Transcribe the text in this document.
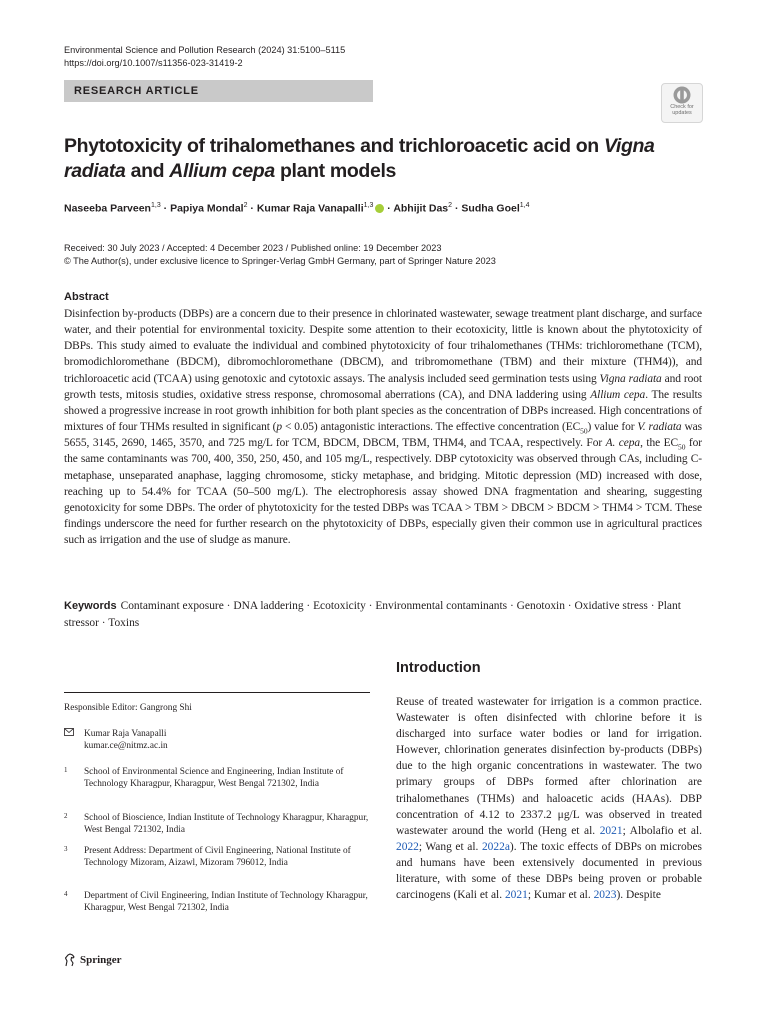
Environmental Science and Pollution Research (2024) 31:5100–5115
https://doi.org/10.1007/s11356-023-31419-2
RESEARCH ARTICLE
Check for
updates
Phytotoxicity of trihalomethanes and trichloroacetic acid on Vigna radiata and Allium cepa plant models
Naseeba Parveen$^{1,3}$ · Papiya Mondal$^2$ · Kumar Raja Vanapalli$^{1,3}$ · Abhijit Das$^2$ · Sudha Goel$^{1,4}$
Received: 30 July 2023 / Accepted: 4 December 2023 / Published online: 19 December 2023
© The Author(s), under exclusive licence to Springer-Verlag GmbH Germany, part of Springer Nature 2023
Abstract

Disinfection by-products (DBPs) are a concern due to their presence in chlorinated wastewater, sewage treatment plant discharge, and surface water, and their potential for environmental toxicity. Despite some attention to their ecotoxicity, little is known about the phytotoxicity of DBPs. This study aimed to evaluate the individual and combined phytotoxicity of four trihalomethanes (THMs: trichloromethane (TCM), bromodichloromethane (BDCM), dibromochloromethane (DBCM), and tribromomethane (TBM) and their mixture (THM4)), and trichloroacetic acid (TCAA) using genotoxic and cytotoxic assays. The analysis included seed germination tests using Vigna radiata and root growth tests, mitosis studies, oxidative stress response, chromosomal aberrations (CA), and DNA laddering using Allium cepa. The results showed a progressive increase in root growth inhibition for both plant species as the concentration of DBPs increased. High concentrations of mixtures of four THMs resulted in significant (p < 0.05) antagonistic interactions. The effective concentration $(EC_{50})$ value for V. radiata was 5655, 3145, 2690, 1465, 3570, and 725 mg/L for TCM, BDCM, DBCM, TBM, THM4, and TCAA, respectively. For A. cepa, the $EC_{50}$ for the same contaminants was 700, 400, 350, 250, 450, and 105 mg/L, respectively. DBP cytotoxicity was observed through CAs, including C-metaphase, unseparated anaphase, lagging chromosome, sticky metaphase, and bridging. Mitotic depression (MD) increased with dose, reaching up to 54.4% for TCAA (50–500 mg/L). The electrophoresis assay showed DNA fragmentation and shearing, suggesting genotoxicity for some DBPs. The order of phytotoxicity for the tested DBPs was TCAA > TBM > DBCM > BDCM > THM4 > TCM. These findings underscore the need for further research on the phytotoxicity of DBPs, especially given their common use in agricultural practices such as irrigation and the use of sludge as manure.

Keywords Contaminant exposure · DNA laddering · Ecotoxicity · Environmental contaminants · Genotoxin · Oxidative stress · Plant stressor · Toxins
Responsible Editor: Gangrong Shi
Kumar Raja Vanapalli
kumar.ce@nitmz.ac.in
1 School of Environmental Science and Engineering, Indian Institute of Technology Kharagpur, Kharagpur, West Bengal 721302, India
2 School of Bioscience, Indian Institute of Technology Kharagpur, Kharagpur, West Bengal 721302, India
3 Present Address: Department of Civil Engineering, National Institute of Technology Mizoram, Aizawl, Mizoram 796012, India
4 Department of Civil Engineering, Indian Institute of Technology Kharagpur, Kharagpur, West Bengal 721302, India
Introduction

Reuse of treated wastewater for irrigation is a common practice. Wastewater is often disinfected with chlorine before it is discharged into surface water bodies or land for irrigation. However, chlorination generates disinfection by-products (DBPs) due to the high organic concentrations in wastewater. The two primary groups of DBPs formed after chlorination are trihalomethanes (THMs) and haloacetic acids (HAAs). DBP concentration of 4.12 to 2337.2 μg/L was observed in treated wastewater around the world (Heng et al. 2021; Albolafio et al. 2022; Wang et al. 2022a). The toxic effects of DBPs on microbes and humans have been extensively documented in previous literature, with some of these DBPs being proven or probable carcinogens (Kali et al. 2021; Kumar et al. 2023). Despite

Springer
